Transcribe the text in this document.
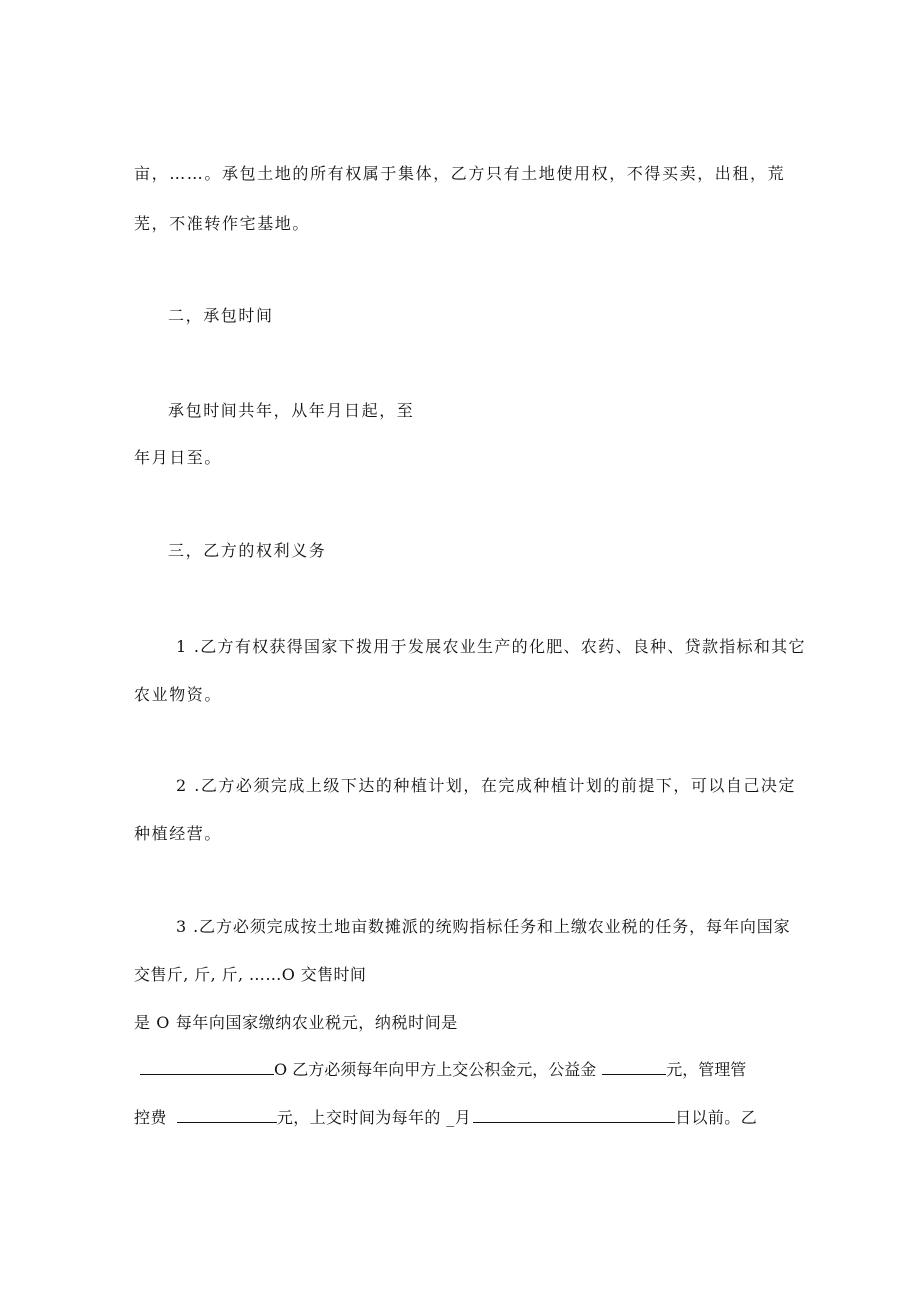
亩，……。承包土地的所有权属于集体，乙方只有土地使用权，不得买卖，出租，荒
芜，不准转作宅基地。
二，承包时间
承包时间共年，从年月日起，至
年月日至。
三，乙方的权利义务
1 .乙方有权获得国家下拨用于发展农业生产的化肥、农药、良种、贷款指标和其它
农业物资。
2 .乙方必须完成上级下达的种植计划，在完成种植计划的前提下，可以自己决定
种植经营。
3 .乙方必须完成按土地亩数摊派的统购指标任务和上缴农业税的任务，每年向国家
交售斤, 斤, 斤, ……O 交售时间
是 O 每年向国家缴纳农业税元，纳税时间是
O 乙方必须每年向甲方上交公积金元，公益金	元，管理管
控费	元，上交时间为每年的 _月	日以前。乙
